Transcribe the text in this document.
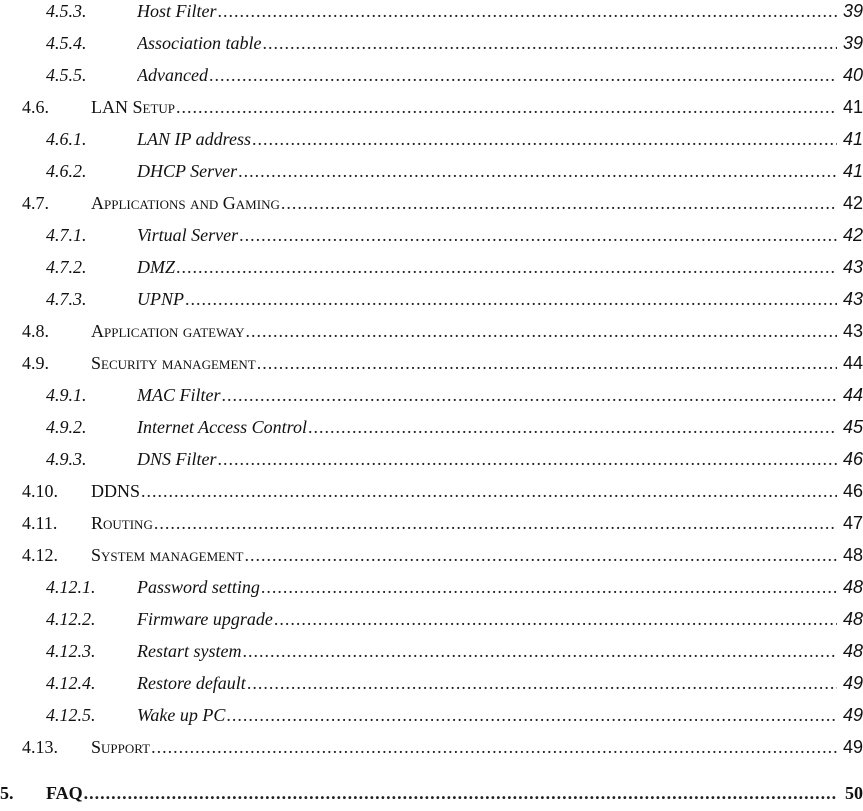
4.5.3.	Host Filter .....	39
4.5.4.	Association table .....	39
4.5.5.	Advanced .....	40
4.6. LAN Setup .....	41
4.6.1.	LAN IP address .....	41
4.6.2.	DHCP Server .....	41
4.7. Applications and Gaming .....	42
4.7.1.	Virtual Server .....	42
4.7.2.	DMZ .....	43
4.7.3.	UPNP .....	43
4.8. Application gateway .....	43
4.9. Security management .....	44
4.9.1.	MAC Filter .....	44
4.9.2.	Internet Access Control .....	45
4.9.3.	DNS Filter .....	46
4.10. DDNS .....	46
4.11. Routing .....	47
4.12. System management .....	48
4.12.1. Password setting .....	48
4.12.2. Firmware upgrade .....	48
4.12.3. Restart system .....	48
4.12.4. Restore default .....	49
4.12.5. Wake up PC .....	49
4.13. Support .....	49
5. FAQ .....	50
